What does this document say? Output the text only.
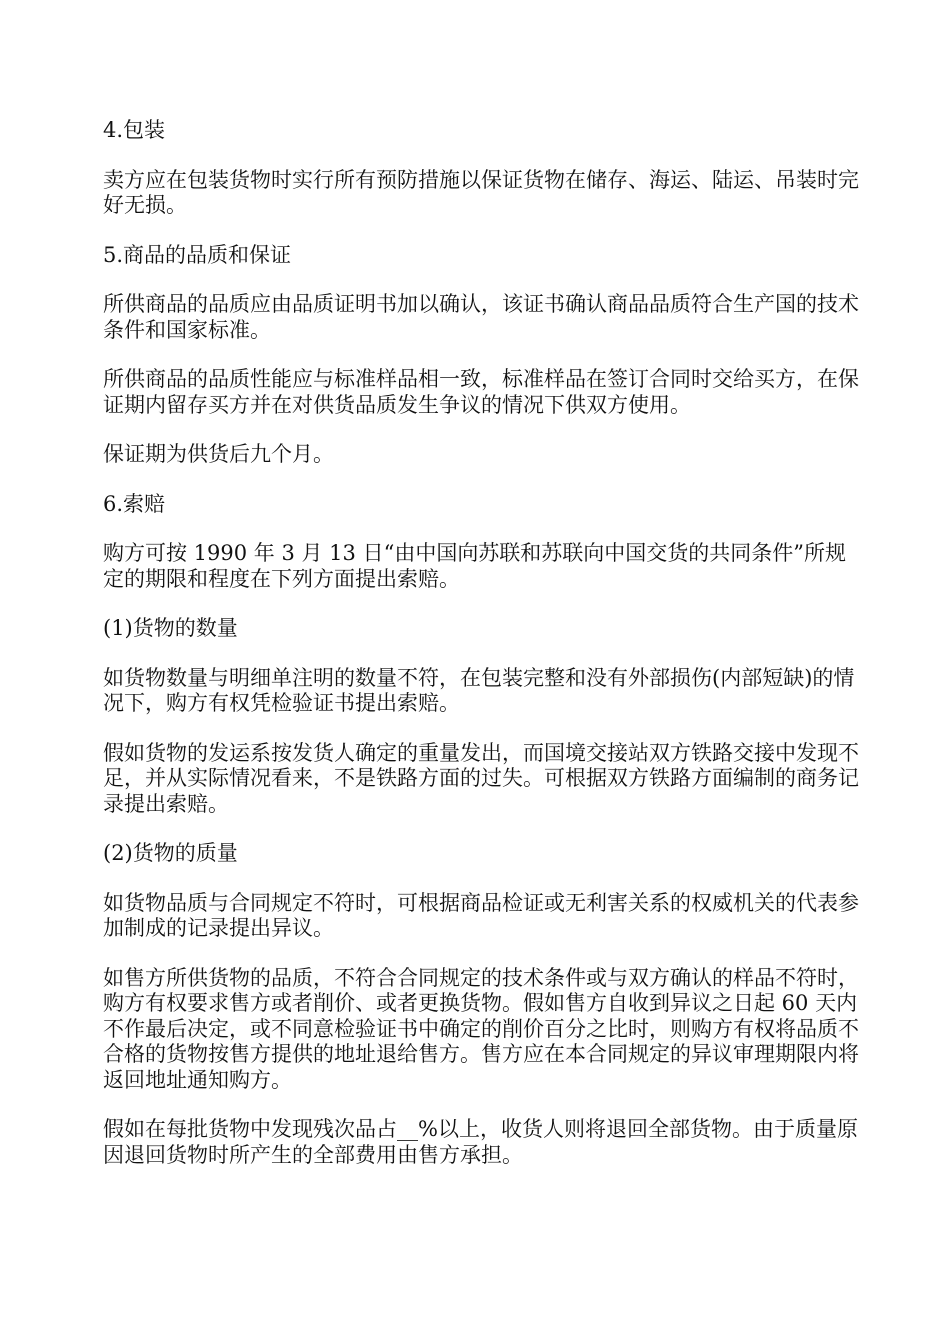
4.包装

卖方应在包装货物时实行所有预防措施以保证货物在储存、海运、陆运、吊装时完好无损。

5.商品的品质和保证

所供商品的品质应由品质证明书加以确认，该证书确认商品品质符合生产国的技术条件和国家标准。

所供商品的品质性能应与标准样品相一致，标准样品在签订合同时交给买方，在保证期内留存买方并在对供货品质发生争议的情况下供双方使用。

保证期为供货后九个月。

6.索赔

购方可按 1990 年 3 月 13 日“由中国向苏联和苏联向中国交货的共同条件”所规定的期限和程度在下列方面提出索赔。

(1)货物的数量

如货物数量与明细单注明的数量不符，在包装完整和没有外部损伤(内部短缺)的情况下，购方有权凭检验证书提出索赔。

假如货物的发运系按发货人确定的重量发出，而国境交接站双方铁路交接中发现不足，并从实际情况看来，不是铁路方面的过失。可根据双方铁路方面编制的商务记录提出索赔。

(2)货物的质量

如货物品质与合同规定不符时，可根据商品检证或无利害关系的权威机关的代表参加制成的记录提出异议。

如售方所供货物的品质，不符合合同规定的技术条件或与双方确认的样品不符时，购方有权要求售方或者削价、或者更换货物。假如售方自收到异议之日起 60 天内不作最后决定，或不同意检验证书中确定的削价百分之比时，则购方有权将品质不合格的货物按售方提供的地址退给售方。售方应在本合同规定的异议审理期限内将返回地址通知购方。

假如在每批货物中发现残次品占__%以上，收货人则将退回全部货物。由于质量原因退回货物时所产生的全部费用由售方承担。
